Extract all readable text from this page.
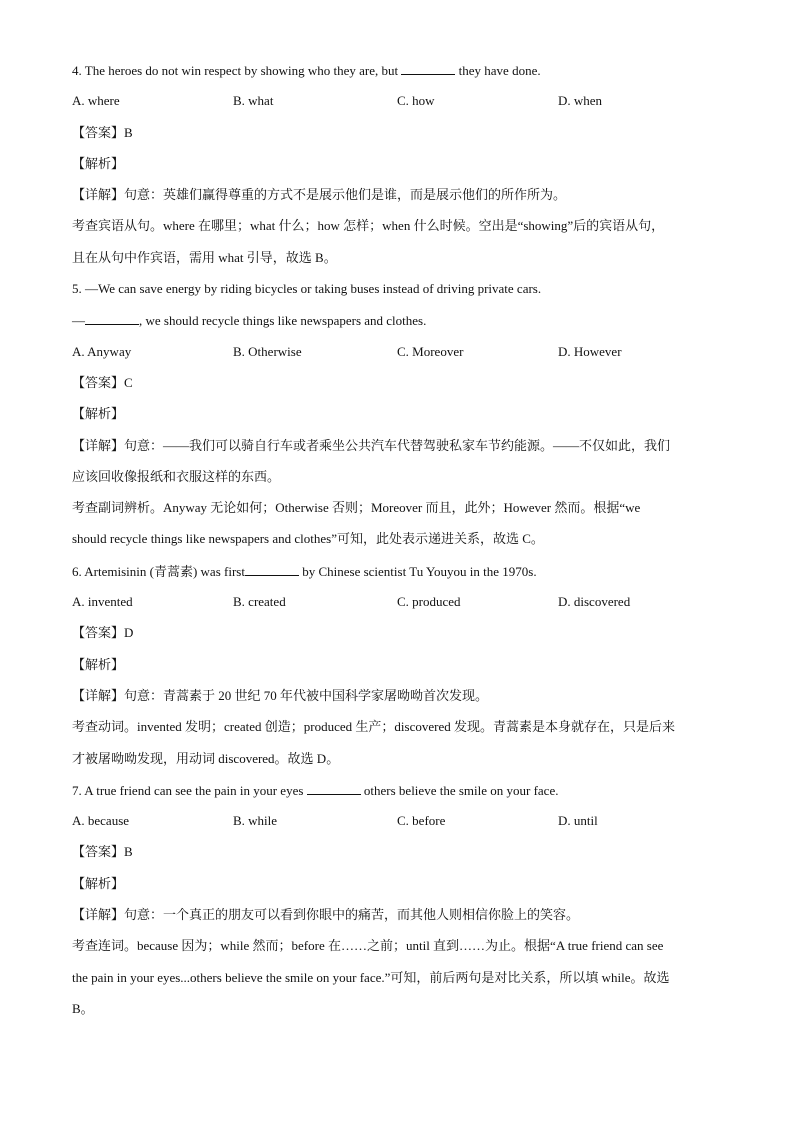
4. The heroes do not win respect by showing who they are, but	they have done.
A. where	B. what	C. how	D. when
【答案】B
【解析】
【详解】句意：英雄们赢得尊重的方式不是展示他们是谁，而是展示他们的所作所为。
考查宾语从句。where 在哪里；what 什么；how 怎样；when 什么时候。空出是“showing”后的宾语从句，
且在从句中作宾语，需用 what 引导，故选 B。
5. —We can save energy by riding bicycles or taking buses instead of driving private cars.
—	, we should recycle things like newspapers and clothes.
A. Anyway	B. Otherwise	C. Moreover	D. However
【答案】C
【解析】
【详解】句意：——我们可以骑自行车或者乘坐公共汽车代替驾驶私家车节约能源。——不仅如此，我们
应该回收像报纸和衣服这样的东西。
考查副词辨析。Anyway 无论如何；Otherwise 否则；Moreover 而且，此外；However 然而。根据“we
should recycle things like newspapers and clothes”可知，此处表示递进关系，故选 C。
6. Artemisinin (青蒿素) was first	by Chinese scientist Tu Youyou in the 1970s.
A. invented	B. created	C. produced	D. discovered
【答案】D
【解析】
【详解】句意：青蒿素于 20 世纪 70 年代被中国科学家屠呦呦首次发现。
考查动词。invented 发明；created 创造；produced 生产；discovered 发现。青蒿素是本身就存在，只是后来
才被屠呦呦发现，用动词 discovered。故选 D。
7. A true friend can see the pain in your eyes	others believe the smile on your face.
A. because	B. while	C. before	D. until
【答案】B
【解析】
【详解】句意：一个真正的朋友可以看到你眼中的痛苦，而其他人则相信你脸上的笑容。
考查连词。because 因为；while 然而；before 在……之前；until 直到……为止。根据“A true friend can see
the pain in your eyes...others believe the smile on your face.”可知，前后两句是对比关系，所以填 while。故选
B。
